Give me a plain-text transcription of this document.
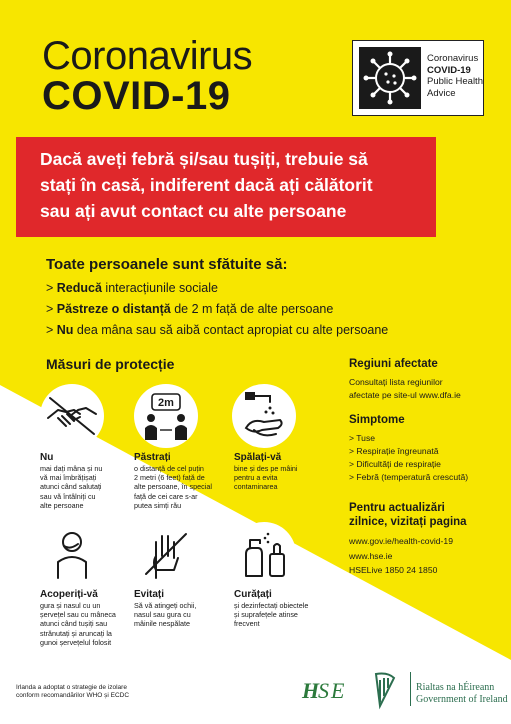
Coronavirus
COVID-19
Coronavirus
COVID-19
Public Health
Advice
Dacă aveți febră și/sau tușiți, trebuie să
stați în casă, indiferent dacă ați călătorit
sau ați avut contact cu alte persoane
Toate persoanele sunt sfătuite să:
> Reducă interacțiunile sociale
> Păstreze o distanță de 2 m față de alte persoane
> Nu dea mâna sau să aibă contact apropiat cu alte persoane
Măsuri de protecție
2m
Nu
mai dați mâna și nu
vă mai îmbrățișați
atunci când salutați
sau vă întâlniți cu
alte persoane
Păstrați
o distanță de cel puțin
2 metri (6 feet) față de
alte persoane, în special
față de cei care s-ar
putea simți rău
Spălați-vă
bine și des pe mâini
pentru a evita
contaminarea
Acoperiți-vă
gura și nasul cu un
șervețel sau cu mâneca
atunci când tușiți sau
strănutați și aruncați la
gunoi șervețelul folosit
Evitați
Să vă atingeți ochii,
nasul sau gura cu
mâinile nespălate
Curățați
și dezinfectați obiectele
și suprafețele atinse
frecvent
Regiuni afectate
Consultați lista regiunilor
afectate pe site-ul www.dfa.ie
Simptome
> Tuse
> Respirație îngreunată
> Dificultăți de respirație
> Febră (temperatură crescută)
Pentru actualizări
zilnice, vizitați pagina
www.gov.ie/health-covid-19
www.hse.ie
HSELive 1850 24 1850
Irlanda a adoptat o strategie de izolare
conform recomandărilor WHO și ECDC	H
S E	Rialtas na hÉireann
Government of Ireland
